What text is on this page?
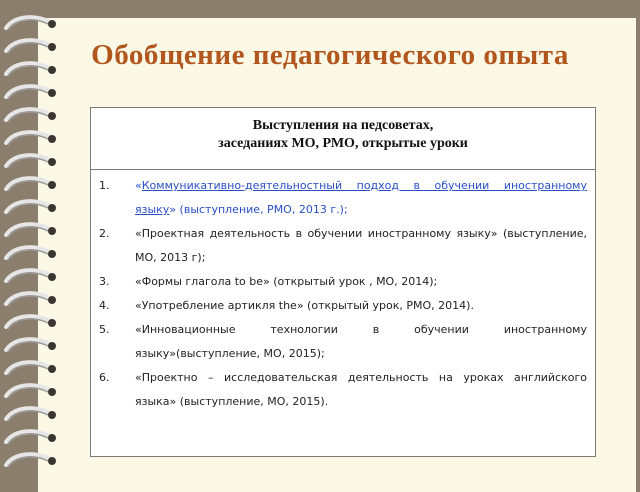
Обобщение педагогического опыта
Выступления на педсоветах,
заседаниях МО, РМО, открытые уроки
1. «Коммуникативно-деятельностный подход в обучении иностранному языку» (выступление, РМО, 2013 г.);
2. «Проектная деятельность в обучении иностранному языку» (выступление, МО, 2013 г);
3. «Формы глагола to be» (открытый урок , МО, 2014);
4. «Употребление артикля the» (открытый урок, РМО, 2014).
5. «Инновационные технологии в обучении иностранному языку»(выступление, МО, 2015);
6. «Проектно – исследовательская деятельность на уроках английского языка» (выступление, МО, 2015).
